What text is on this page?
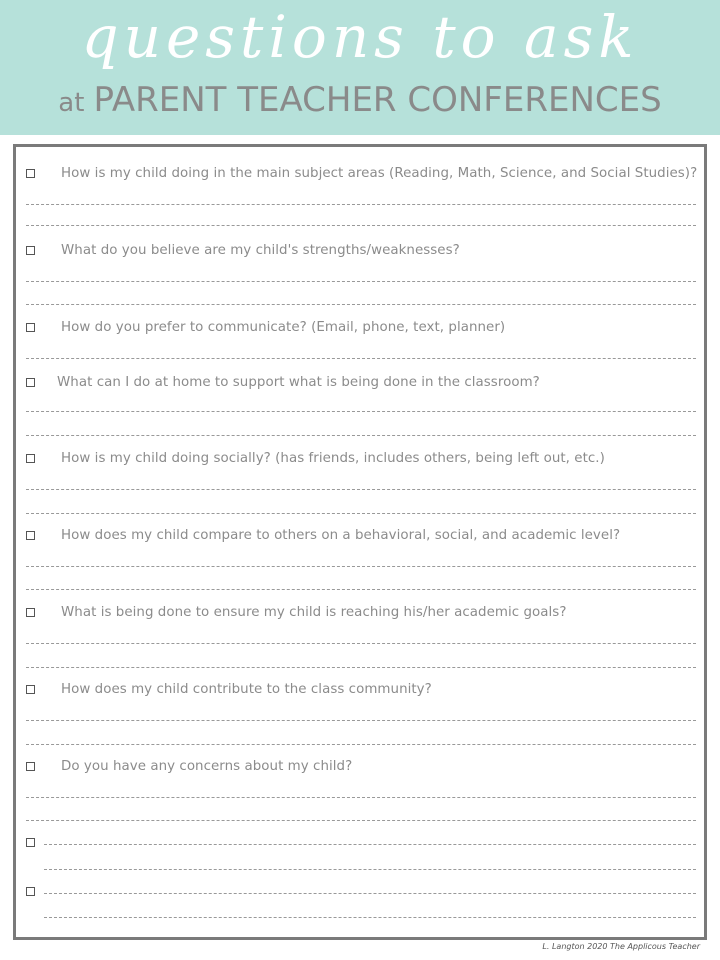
questions to ask
at PARENT TEACHER CONFERENCES
How is my child doing in the main subject areas (Reading, Math, Science, and Social Studies)?
What do you believe are my child's strengths/weaknesses?
How do you prefer to communicate? (Email, phone, text, planner)
What can I do at home to support what is being done in the classroom?
How is my child doing socially? (has friends, includes others, being left out, etc.)
How does my child compare to others on a behavioral, social, and academic level?
What is being done to ensure my child is reaching his/her academic goals?
How does my child contribute to the class community?
Do you have any concerns about my child?
L. Langton 2020 The Applicous Teacher
